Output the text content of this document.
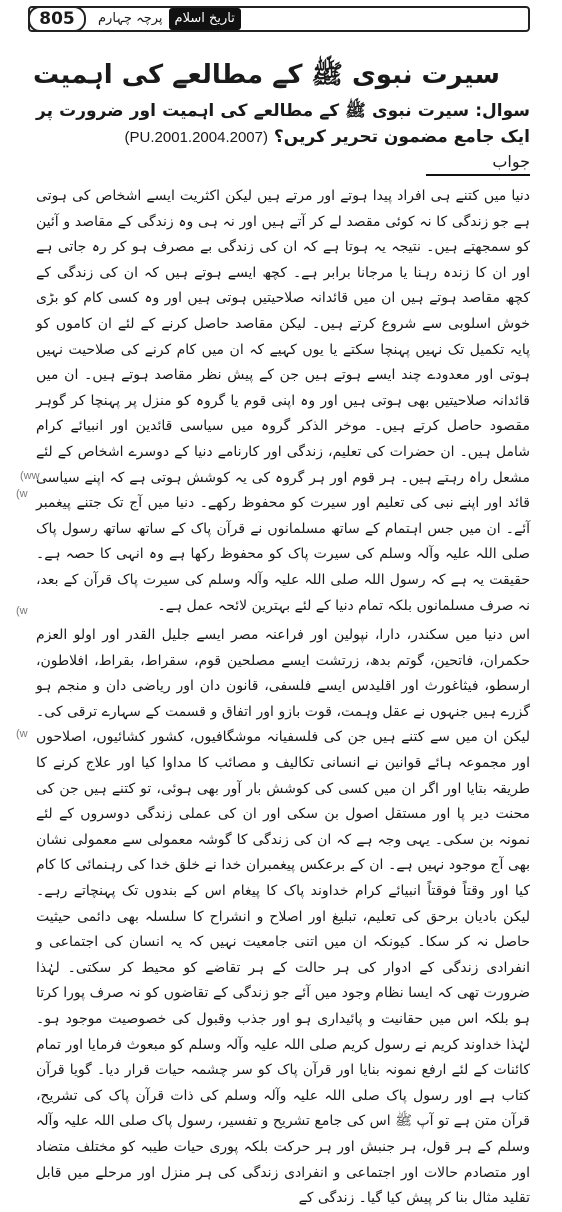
805	تاریخ اسلامپرچہ چہارم
سیرت نبوی ﷺ کے مطالعے کی اہمیت
سوال: سیرت نبوی ﷺ کے مطالعے کی اہمیت اور ضرورت پر ایک جامع مضمون تحریر کریں؟ (PU.2001.2004.2007)
جواب

دنیا میں کتنے ہی افراد پیدا ہوتے اور مرتے ہیں لیکن اکثریت ایسے اشخاص کی ہوتی ہے جو زندگی کا نہ کوئی مقصد لے کر آتے ہیں اور نہ ہی وہ زندگی کے مقاصد و آئین کو سمجھتے ہیں۔ نتیجہ یہ ہوتا ہے کہ ان کی زندگی بے مصرف ہو کر رہ جاتی ہے اور ان کا زندہ رہنا یا مرجانا برابر ہے۔ کچھ ایسے ہوتے ہیں کہ ان کی زندگی کے کچھ مقاصد ہوتے ہیں ان میں قائدانہ صلاحیتیں ہوتی ہیں اور وہ کسی کام کو بڑی خوش اسلوبی سے شروع کرتے ہیں۔ لیکن مقاصد حاصل کرنے کے لئے ان کاموں کو پایہ تکمیل تک نہیں پہنچا سکتے یا یوں کہیے کہ ان میں کام کرنے کی صلاحیت نہیں ہوتی اور معدودے چند ایسے ہوتے ہیں جن کے پیش نظر مقاصد ہوتے ہیں۔ ان میں قائدانہ صلاحیتیں بھی ہوتی ہیں اور وہ اپنی قوم یا گروہ کو منزل پر پہنچا کر گوہر مقصود حاصل کرتے ہیں۔ موخر الذکر گروہ میں سیاسی قائدین اور انبیائے کرام شامل ہیں۔ ان حضرات کی تعلیم، زندگی اور کارنامے دنیا کے دوسرے اشخاص کے لئے مشعل راہ رہتے ہیں۔ ہر قوم اور ہر گروہ کی یہ کوشش ہوتی ہے کہ اپنے سیاسی قائد اور اپنے نبی کی تعلیم اور سیرت کو محفوظ رکھے۔ دنیا میں آج تک جتنے پیغمبر آئے۔ ان میں جس اہتمام کے ساتھ مسلمانوں نے قرآن پاک کے ساتھ ساتھ رسول پاک صلی اللہ علیہ وآلہ وسلم کی سیرت پاک کو محفوظ رکھا ہے وہ انہی کا حصہ ہے۔ حقیقت یہ ہے کہ رسول اللہ صلی اللہ علیہ وآلہ وسلم کی سیرت پاک قرآن کے بعد، نہ صرف مسلمانوں بلکہ تمام دنیا کے لئے بہترین لائحہ عمل ہے۔

اس دنیا میں سکندر، دارا، نپولین اور فراعنہ مصر ایسے جلیل القدر اور اولو العزم حکمران، فاتحین، گوتم بدھ، زرتشت ایسے مصلحین قوم، سقراط، بقراط، افلاطون، ارسطو، فیثاغورث اور اقلیدس ایسے فلسفی، قانون دان اور ریاضی دان و منجم ہو گزرے ہیں جنہوں نے عقل وہمت، قوت بازو اور اتفاق و قسمت کے سہارے ترقی کی۔ لیکن ان میں سے کتنے ہیں جن کی فلسفیانہ موشگافیوں، کشور کشائیوں، اصلاحوں اور مجموعہ ہائے قوانین نے انسانی تکالیف و مصائب کا مداوا کیا اور علاج کرنے کا طریقہ بتایا اور اگر ان میں کسی کی کوشش بار آور بھی ہوئی، تو کتنے ہیں جن کی محنت دیر پا اور مستقل اصول بن سکی اور ان کی عملی زندگی دوسروں کے لئے نمونہ بن سکی۔ یہی وجہ ہے کہ ان کی زندگی کا گوشہ معمولی سے معمولی نشان بھی آج موجود نہیں ہے۔ ان کے برعکس پیغمبران خدا نے خلق خدا کی رہنمائی کا کام کیا اور وقتاً فوقتاً انبیائے کرام خداوند پاک کا پیغام اس کے بندوں تک پہنچاتے رہے۔ لیکن بادیان برحق کی تعلیم، تبلیغ اور اصلاح و انشراح کا سلسلہ بھی دائمی حیثیت حاصل نہ کر سکا۔ کیونکہ ان میں اتنی جامعیت نہیں کہ یہ انسان کی اجتماعی و انفرادی زندگی کے ادوار کی ہر حالت کے ہر تقاضے کو محیط کر سکتی۔ لہٰذا ضرورت تھی کہ ایسا نظام وجود میں آئے جو زندگی کے تقاضوں کو نہ صرف پورا کرتا ہو بلکہ اس میں حقانیت و پائیداری ہو اور جذب وقبول کی خصوصیت موجود ہو۔ لہٰذا خداوند کریم نے رسول کریم صلی اللہ علیہ وآلہ وسلم کو مبعوث فرمایا اور تمام کائنات کے لئے ارفع نمونہ بنایا اور قرآن پاک کو سر چشمہ حیات قرار دیا۔ گویا قرآن کتاب ہے اور رسول پاک صلی اللہ علیہ وآلہ وسلم کی ذات قرآن پاک کی تشریح، قرآن متن ہے تو آپ ﷺ اس کی جامع تشریح و تفسیر، رسول پاک صلی اللہ علیہ وآلہ وسلم کے ہر قول، ہر جنبش اور ہر حرکت بلکہ پوری حیات طیبہ کو مختلف متضاد اور متصادم حالات اور اجتماعی و انفرادی زندگی کی ہر منزل اور مرحلے میں قابل تقلید مثال بنا کر پیش کیا گیا۔ زندگی کے

(w
(ww
(w
(w
